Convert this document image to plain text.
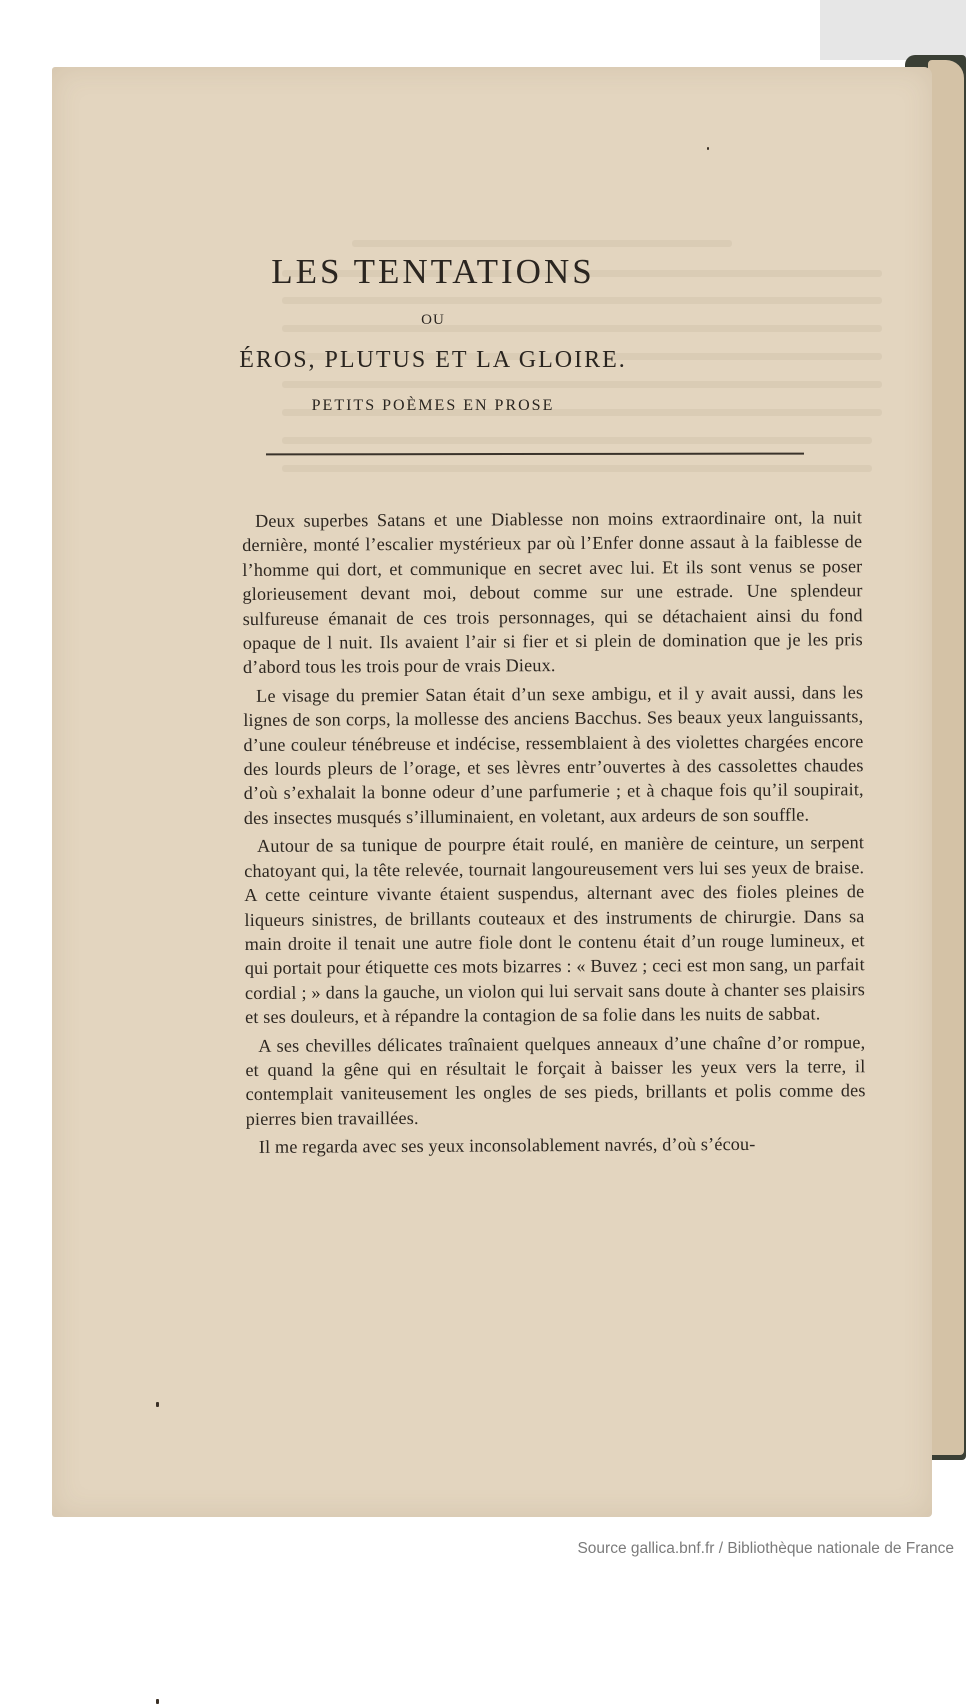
LES TENTATIONS
OU
ÉROS, PLUTUS ET LA GLOIRE.
PETITS POÈMES EN PROSE

Deux superbes Satans et une Diablesse non moins extraordinaire ont, la nuit dernière, monté l’escalier mystérieux par où l’Enfer donne assaut à la faiblesse de l’homme qui dort, et communique en secret avec lui. Et ils sont venus se poser glorieusement devant moi, debout comme sur une estrade. Une splendeur sulfureuse émanait de ces trois personnages, qui se détachaient ainsi du fond opaque de l nuit. Ils avaient l’air si fier et si plein de domination que je les pris d’abord tous les trois pour de vrais Dieux.

Le visage du premier Satan était d’un sexe ambigu, et il y avait aussi, dans les lignes de son corps, la mollesse des anciens Bacchus. Ses beaux yeux languissants, d’une couleur ténébreuse et indécise, ressemblaient à des violettes chargées encore des lourds pleurs de l’orage, et ses lèvres entr’ouvertes à des cassolettes chaudes d’où s’exhalait la bonne odeur d’une parfumerie ; et à chaque fois qu’il soupirait, des insectes musqués s’illuminaient, en voletant, aux ardeurs de son souffle.

Autour de sa tunique de pourpre était roulé, en manière de ceinture, un serpent chatoyant qui, la tête relevée, tournait langoureusement vers lui ses yeux de braise. A cette ceinture vivante étaient suspendus, alternant avec des fioles pleines de liqueurs sinistres, de brillants couteaux et des instruments de chirurgie. Dans sa main droite il tenait une autre fiole dont le contenu était d’un rouge lumineux, et qui portait pour étiquette ces mots bizarres : « Buvez ; ceci est mon sang, un parfait cordial ; » dans la gauche, un violon qui lui servait sans doute à chanter ses plaisirs et ses douleurs, et à répandre la contagion de sa folie dans les nuits de sabbat.

A ses chevilles délicates traînaient quelques anneaux d’une chaîne d’or rompue, et quand la gêne qui en résultait le forçait à baisser les yeux vers la terre, il contemplait vaniteusement les ongles de ses pieds, brillants et polis comme des pierres bien travaillées.

Il me regarda avec ses yeux inconsolablement navrés, d’où s’écou-

Source gallica.bnf.fr / Bibliothèque nationale de France
